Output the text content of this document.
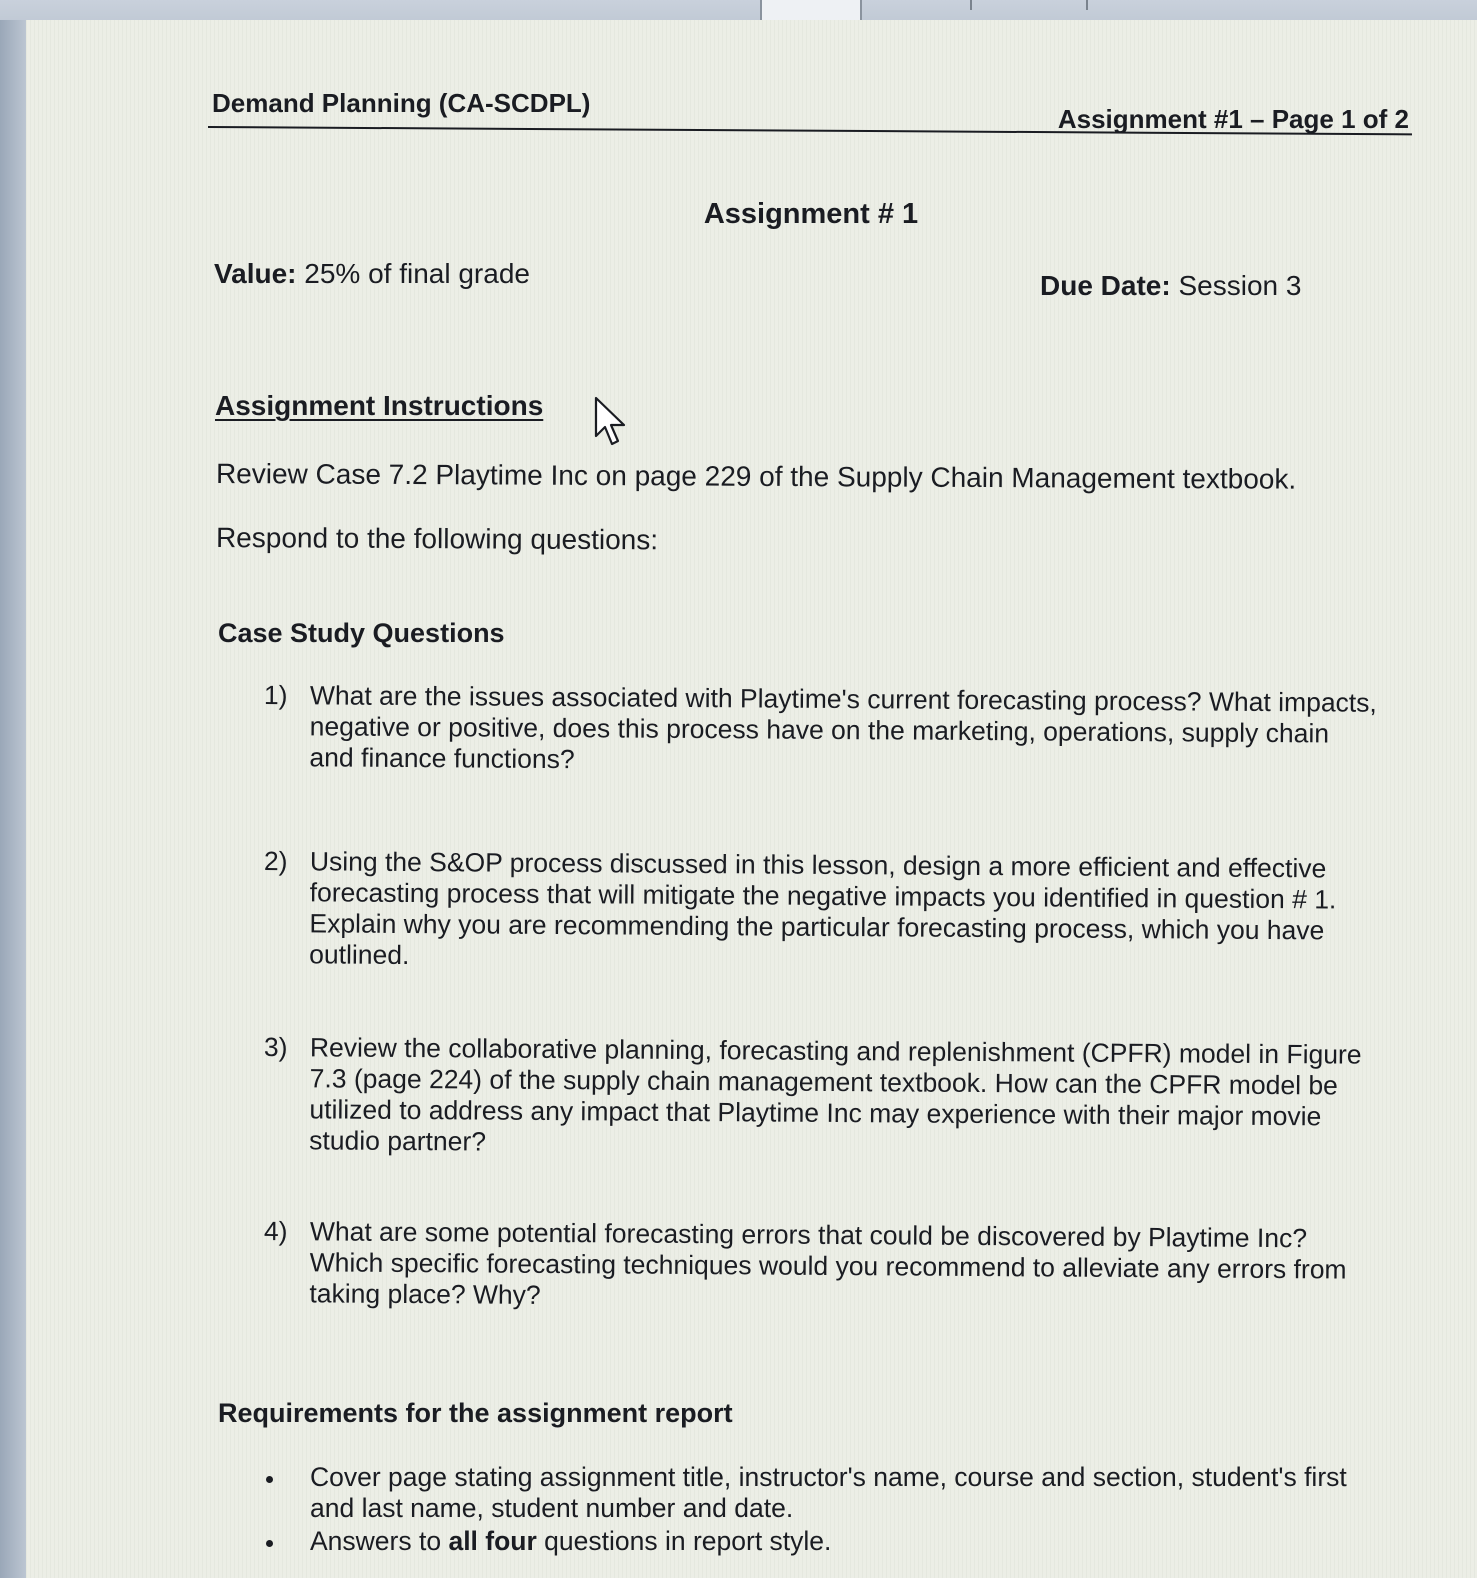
Demand Planning (CA-SCDPL)
Assignment #1 – Page 1 of 2
Assignment # 1
Value: 25% of final grade	Due Date: Session 3
Assignment Instructions
Review Case 7.2 Playtime Inc on page 229 of the Supply Chain Management textbook.
Respond to the following questions:
Case Study Questions
1) What are the issues associated with Playtime's current forecasting process? What impacts, negative or positive, does this process have on the marketing, operations, supply chain and finance functions?
2) Using the S&OP process discussed in this lesson, design a more efficient and effective forecasting process that will mitigate the negative impacts you identified in question # 1. Explain why you are recommending the particular forecasting process, which you have outlined.
3) Review the collaborative planning, forecasting and replenishment (CPFR) model in Figure 7.3 (page 224) of the supply chain management textbook. How can the CPFR model be utilized to address any impact that Playtime Inc may experience with their major movie studio partner?
4) What are some potential forecasting errors that could be discovered by Playtime Inc? Which specific forecasting techniques would you recommend to alleviate any errors from taking place? Why?
Requirements for the assignment report
Cover page stating assignment title, instructor's name, course and section, student's first and last name, student number and date.
Answers to all four questions in report style.
